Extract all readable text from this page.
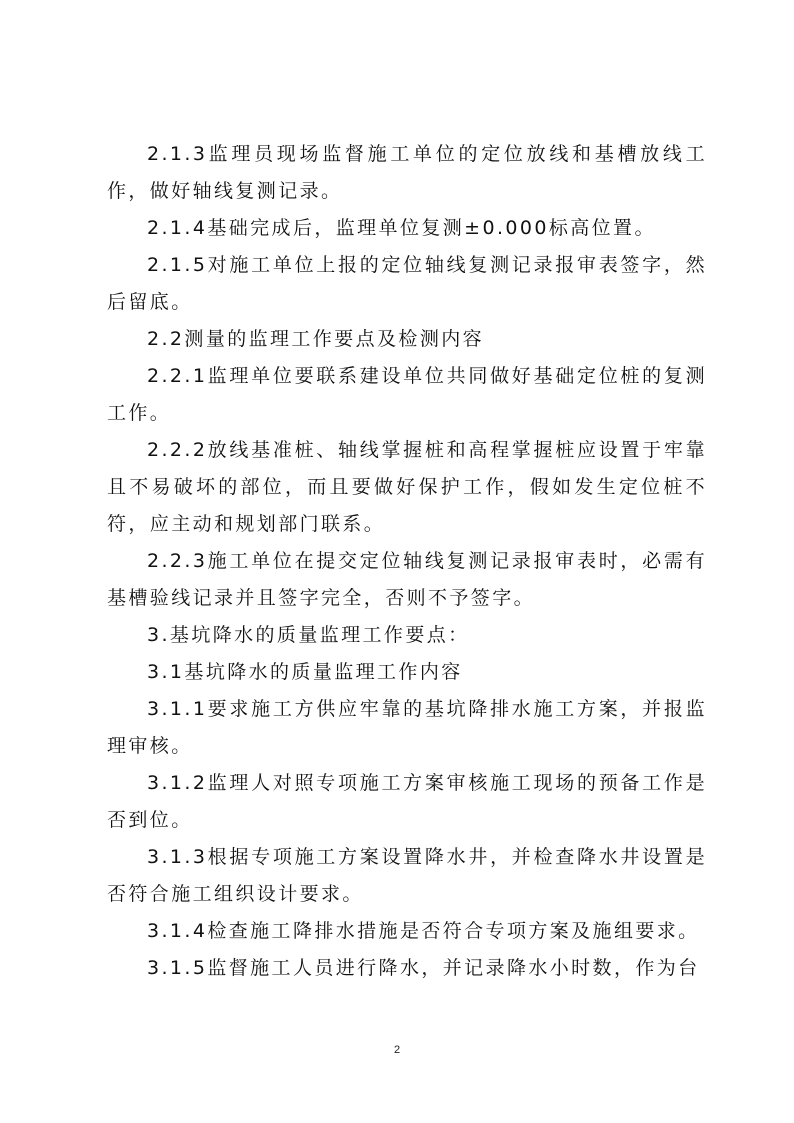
2.1.3监理员现场监督施工单位的定位放线和基槽放线工作，做好轴线复测记录。

2.1.4基础完成后，监理单位复测±0.000标高位置。

2.1.5对施工单位上报的定位轴线复测记录报审表签字，然后留底。

2.2测量的监理工作要点及检测内容

2.2.1监理单位要联系建设单位共同做好基础定位桩的复测工作。

2.2.2放线基准桩、轴线掌握桩和高程掌握桩应设置于牢靠且不易破坏的部位，而且要做好保护工作，假如发生定位桩不符，应主动和规划部门联系。

2.2.3施工单位在提交定位轴线复测记录报审表时，必需有基槽验线记录并且签字完全，否则不予签字。

3.基坑降水的质量监理工作要点：

3.1基坑降水的质量监理工作内容

3.1.1要求施工方供应牢靠的基坑降排水施工方案，并报监理审核。

3.1.2监理人对照专项施工方案审核施工现场的预备工作是否到位。

3.1.3根据专项施工方案设置降水井，并检查降水井设置是否符合施工组织设计要求。

3.1.4检查施工降排水措施是否符合专项方案及施组要求。

3.1.5监督施工人员进行降水，并记录降水小时数，作为台

2
